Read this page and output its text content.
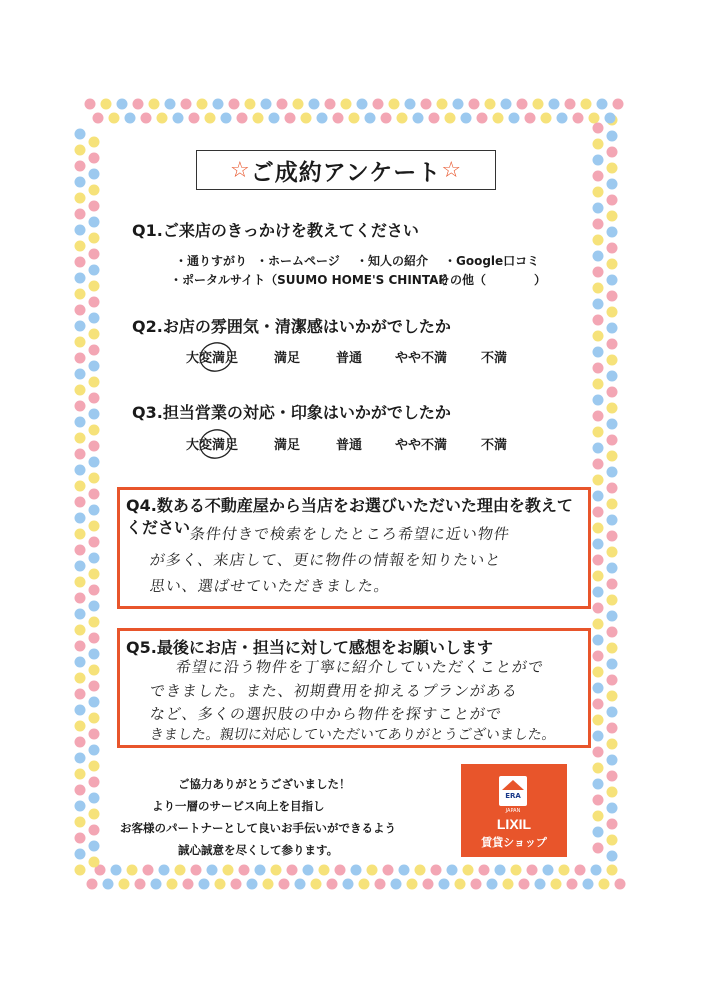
☆ ご成約アンケート ☆
Q1.ご来店のきっかけを教えてください
・通りすがり ・ホームページ ・知人の紹介 ・Google口コミ
・ポータルサイト（SUUMO HOME'S CHINTAI）
・その他（　　　　）
Q2.お店の雰囲気・清潔感はいかがでしたか
大変満足	満足	普通	やや不満	不満
Q3.担当営業の対応・印象はいかがでしたか
大変満足	満足	普通	やや不満	不満
Q4.数ある不動産屋から当店をお選びいただいた理由を教えて
ください
条件付きで検索をしたところ希望に近い物件
が多く、来店して、更に物件の情報を知りたいと
思い、選ばせていただきました。
Q5.最後にお店・担当に対して感想をお願いします
希望に沿う物件を丁寧に紹介していただくことがで
できました。また、初期費用を抑えるプランがある
など、多くの選択肢の中から物件を探すことがで
きました。親切に対応していただいてありがとうございました。
ご協力ありがとうございました！
より一層のサービス向上を目指し
お客様のパートナーとして良いお手伝いができるよう
誠心誠意を尽くして参ります。
ERA
JAPAN
LIXIL
賃貸ショップ
